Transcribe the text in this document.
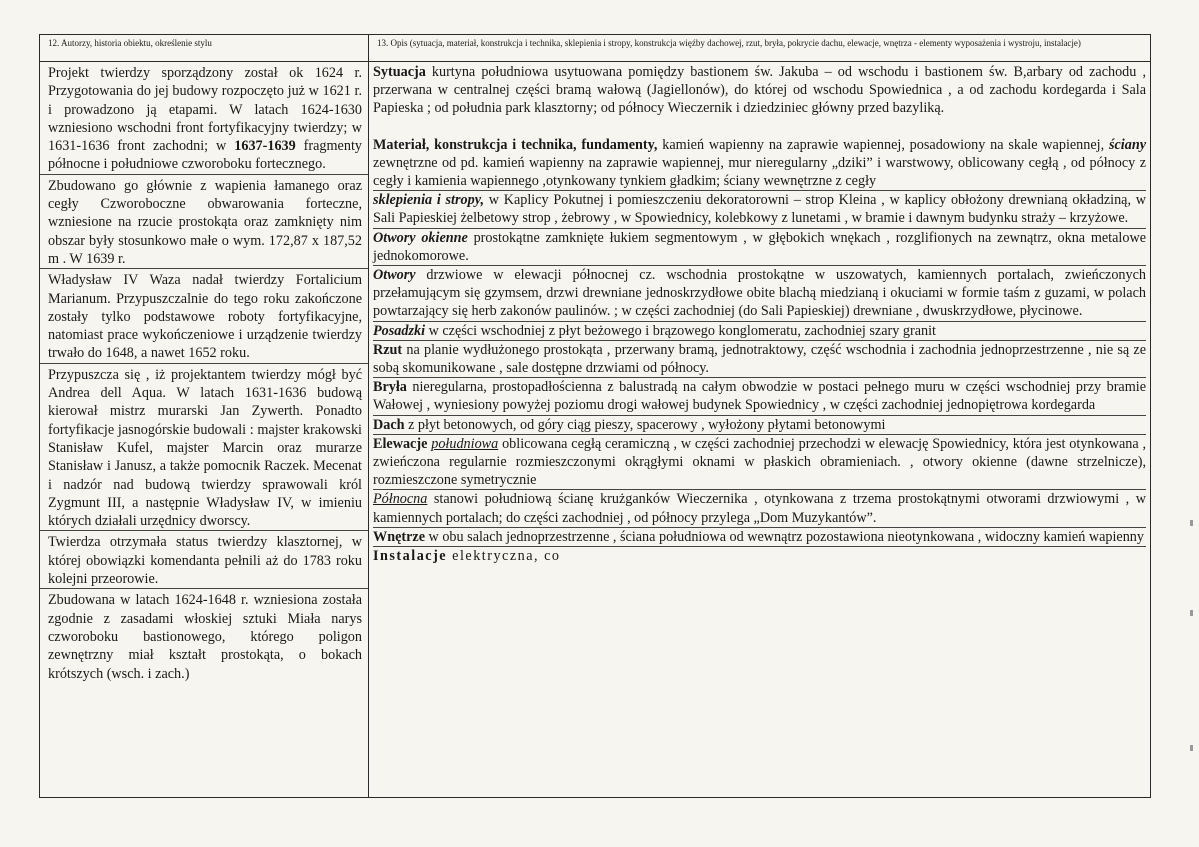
12. Autorzy, historia obiektu, określenie stylu	13. Opis (sytuacja, materiał, konstrukcja i technika, sklepienia i stropy, konstrukcja więźby dachowej, rzut, bryła, pokrycie dachu, elewacje, wnętrza - elementy wyposażenia i wystroju, instalacje)

Projekt twierdzy sporządzony został ok 1624 r. Przygotowania do jej budowy rozpoczęto już w 1621 r. i prowadzono ją etapami. W latach 1624-1630 wzniesiono wschodni front fortyfikacyjny twierdzy; w 1631-1636 front zachodni; w 1637-1639 fragmenty północne i południowe czworoboku fortecznego.

Zbudowano go głównie z wapienia łamanego oraz cegły Czworoboczne obwarowania forteczne, wzniesione na rzucie prostokąta oraz zamknięty nim obszar były stosunkowo małe o wym. 172,87 x 187,52 m . W 1639 r.

Władysław IV Waza nadał twierdzy Fortalicium Marianum. Przypuszczalnie do tego roku zakończone zostały tylko podstawowe roboty fortyfikacyjne, natomiast prace wykończeniowe i urządzenie twierdzy trwało do 1648, a nawet 1652 roku.

Przypuszcza się , iż projektantem twierdzy mógł być Andrea dell Aqua. W latach 1631-1636 budową kierował mistrz murarski Jan Zywerth. Ponadto fortyfikacje jasnogórskie budowali : majster krakowski Stanisław Kufel, majster Marcin oraz murarze Stanisław i Janusz, a także pomocnik Raczek. Mecenat i nadzór nad budową twierdzy sprawowali król Zygmunt III, a następnie Władysław IV, w imieniu których działali urzędnicy dworscy.

Twierdza otrzymała status twierdzy klasztornej, w której obowiązki komendanta pełnili aż do 1783 roku kolejni przeorowie.

Zbudowana w latach 1624-1648 r. wzniesiona została zgodnie z zasadami włoskiej sztuki Miała narys czworoboku bastionowego, którego poligon zewnętrzny miał kształt prostokąta, o bokach krótszych (wsch. i zach.)

Sytuacja kurtyna południowa usytuowana pomiędzy bastionem św. Jakuba – od wschodu i bastionem św. B,arbary od zachodu , przerwana w centralnej części bramą wałową (Jagiellonów), do której od wschodu Spowiednica , a od zachodu kordegarda i Sala Papieska ; od południa park klasztorny; od północy Wieczernik i dziedziniec główny przed bazyliką.

Materiał, konstrukcja i technika, fundamenty, kamień wapienny na zaprawie wapiennej, posadowiony na skale wapiennej, ściany zewnętrzne od pd. kamień wapienny na zaprawie wapiennej, mur nieregularny „dziki” i warstwowy, oblicowany cegłą , od północy z cegły i kamienia wapiennego ,otynkowany tynkiem gładkim; ściany wewnętrzne z cegły

sklepienia i stropy, w Kaplicy Pokutnej i pomieszczeniu dekoratorowni – strop Kleina , w kaplicy obłożony drewnianą okładziną, w Sali Papieskiej żelbetowy strop , żebrowy , w Spowiednicy, kolebkowy z lunetami , w bramie i dawnym budynku straży – krzyżowe.

Otwory okienne prostokątne zamknięte łukiem segmentowym , w głębokich wnękach , rozglifionych na zewnątrz, okna metalowe jednokomorowe.

Otwory drzwiowe w elewacji północnej cz. wschodnia prostokątne w uszowatych, kamiennych portalach, zwieńczonych przełamującym się gzymsem, drzwi drewniane jednoskrzydłowe obite blachą miedzianą i okuciami w formie taśm z guzami, w polach powtarzający się herb zakonów paulinów. ; w części zachodniej (do Sali Papieskiej) drewniane , dwuskrzydłowe, płycinowe.

Posadzki w części wschodniej z płyt beżowego i brązowego konglomeratu, zachodniej szary granit

Rzut na planie wydłużonego prostokąta , przerwany bramą, jednotraktowy, część wschodnia i zachodnia jednoprzestrzenne , nie są ze sobą skomunikowane , sale dostępne drzwiami od północy.

Bryła nieregularna, prostopadłościenna z balustradą na całym obwodzie w postaci pełnego muru w części wschodniej przy bramie Wałowej , wyniesiony powyżej poziomu drogi wałowej budynek Spowiednicy , w części zachodniej jednopiętrowa kordegarda

Dach z płyt betonowych, od góry ciąg pieszy, spacerowy , wyłożony płytami betonowymi

Elewacje południowa oblicowana cegłą ceramiczną , w części zachodniej przechodzi w elewację Spowiednicy, która jest otynkowana , zwieńczona regularnie rozmieszczonymi okrągłymi oknami w płaskich obramieniach. , otwory okienne (dawne strzelnicze), rozmieszczone symetrycznie

Północna stanowi południową ścianę krużganków Wieczernika , otynkowana z trzema prostokątnymi otworami drzwiowymi , w kamiennych portalach; do części zachodniej , od północy przylega „Dom Muzykantów”.

Wnętrze w obu salach jednoprzestrzenne , ściana południowa od wewnątrz pozostawiona nieotynkowana , widoczny kamień wapienny

Instalacje elektryczna, co
